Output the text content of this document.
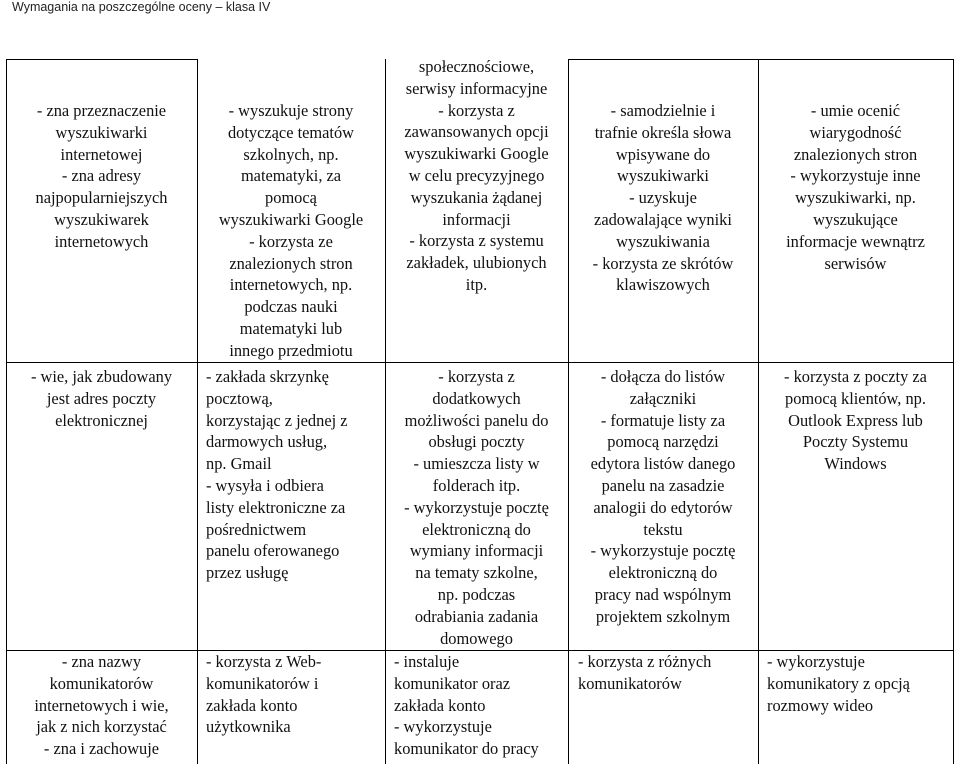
Wymagania na poszczególne oceny – klasa IV
- zna przeznaczenie
wyszukiwarki
internetowej
- zna adresy
najpopularniejszych
wyszukiwarek
internetowych
- wyszukuje strony
dotyczące tematów
szkolnych, np.
matematyki, za
pomocą
wyszukiwarki Google
- korzysta ze
znalezionych stron
internetowych, np.
podczas nauki
matematyki lub
innego przedmiotu
społecznościowe,
serwisy informacyjne
- korzysta z
zawansowanych opcji
wyszukiwarki Google
w celu precyzyjnego
wyszukania żądanej
informacji
- korzysta z systemu
zakładek, ulubionych
itp.
- samodzielnie i
trafnie określa słowa
wpisywane do
wyszukiwarki
- uzyskuje
zadowalające wyniki
wyszukiwania
- korzysta ze skrótów
klawiszowych
- umie ocenić
wiarygodność
znalezionych stron
- wykorzystuje inne
wyszukiwarki, np.
wyszukujące
informacje wewnątrz
serwisów
- wie, jak zbudowany
jest adres poczty
elektronicznej
- zakłada skrzynkę
pocztową,
korzystając z jednej z
darmowych usług,
np. Gmail
- wysyła i odbiera
listy elektroniczne za
pośrednictwem
panelu oferowanego
przez usługę
- korzysta z
dodatkowych
możliwości panelu do
obsługi poczty
- umieszcza listy w
folderach itp.
- wykorzystuje pocztę
elektroniczną do
wymiany informacji
na tematy szkolne,
np. podczas
odrabiania zadania
domowego
- dołącza do listów
załączniki
- formatuje listy za
pomocą narzędzi
edytora listów danego
panelu na zasadzie
analogii do edytorów
tekstu
- wykorzystuje pocztę
elektroniczną do
pracy nad wspólnym
projektem szkolnym
- korzysta z poczty za
pomocą klientów, np.
Outlook Express lub
Poczty Systemu
Windows
- zna nazwy
komunikatorów
internetowych i wie,
jak z nich korzystać
- zna i zachowuje
- korzysta z Web-
komunikatorów i
zakłada konto
użytkownika
- instaluje
komunikator oraz
zakłada konto
- wykorzystuje
komunikator do pracy
- korzysta z różnych
komunikatorów
- wykorzystuje
komunikatory z opcją
rozmowy wideo
